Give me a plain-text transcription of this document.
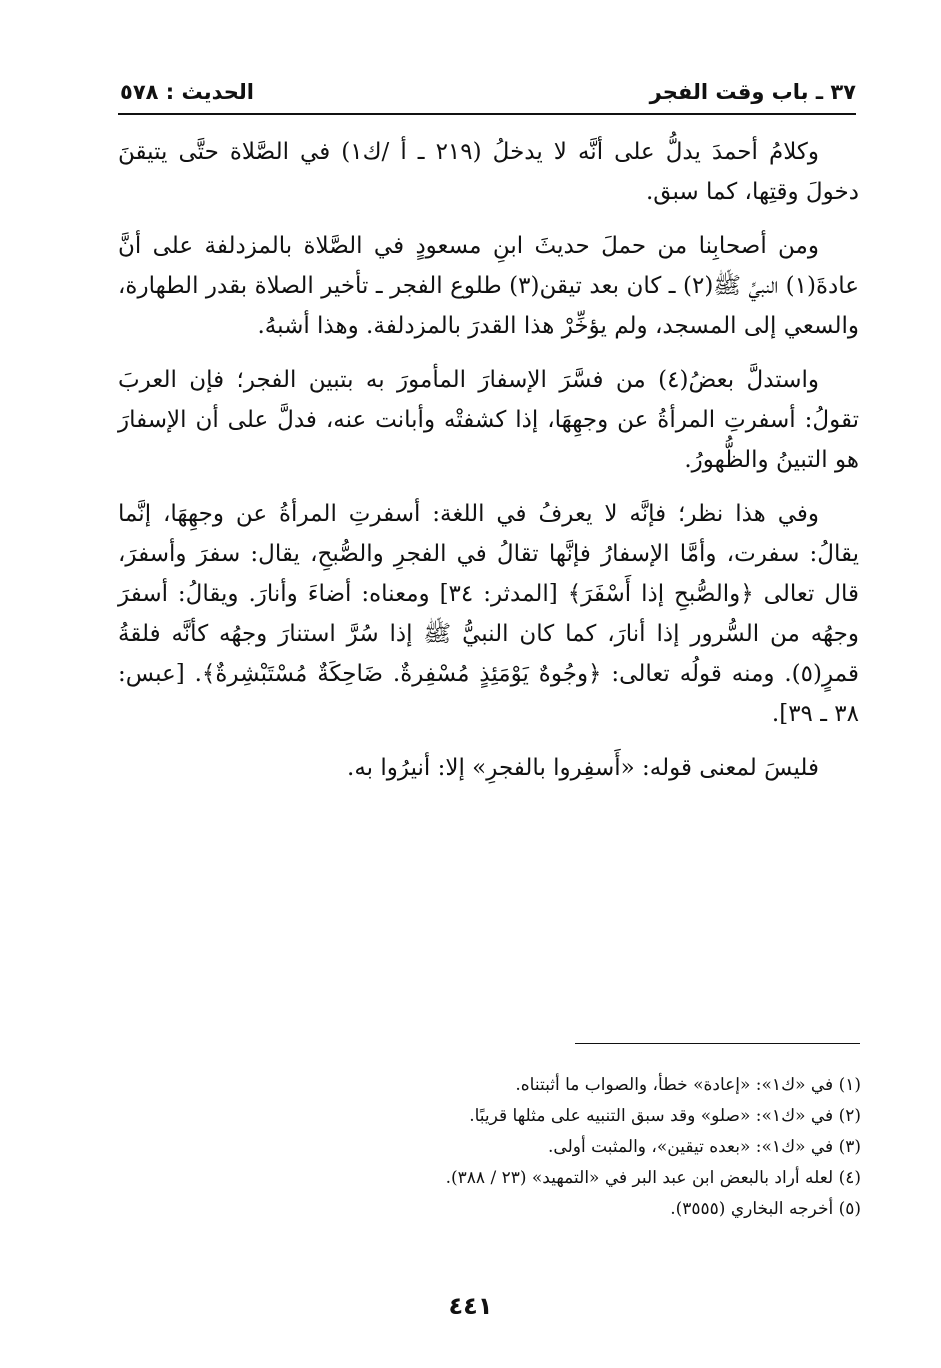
٣٧ ـ باب وقت الفجر
الحديث : ٥٧٨

وكلامُ أحمدَ يدلُّ على أنَّه لا يدخلُ (٢١٩ ـ أ /ك١) في الصَّلاة حتَّى يتيقنَ دخولَ وقتِها، كما سبق.

ومن أصحابِنا من حملَ حديثَ ابنِ مسعودٍ في الصَّلاة بالمزدلفة على أنَّ عادةَ(١) النبيِّ ﷺ(٢) ـ كان بعد تيقن(٣) طلوع الفجر ـ تأخير الصلاة بقدر الطهارة، والسعي إلى المسجد، ولم يؤخِّرْ هذا القدرَ بالمزدلفة. وهذا أشبهُ.

واستدلَّ بعضُ(٤) من فسَّرَ الإسفارَ المأمورَ به بتبين الفجر؛ فإن العربَ تقولُ: أسفرتِ المرأةُ عن وجهِهَا، إذا كشفتْه وأبانت عنه، فدلَّ على أن الإسفارَ هو التبينُ والظُّهورُ.

وفي هذا نظر؛ فإنَّه لا يعرفُ في اللغة: أسفرتِ المرأةُ عن وجهِهَا، إنَّما يقالُ: سفرت، وأمَّا الإسفارُ فإنَّها تقالُ في الفجرِ والصُّبحِ، يقال: سفرَ وأسفرَ، قال تعالى ﴿والصُّبحِ إذا أَسْفَرَ﴾ [المدثر: ٣٤] ومعناه: أضاءَ وأنارَ. ويقالُ: أسفرَ وجهُه من السُّرور إذا أنارَ، كما كان النبيُّ ﷺ إذا سُرَّ استنارَ وجهُه كأنَّه فلقةُ قمرٍ(٥). ومنه قولُه تعالى: ﴿وجُوهٌ يَوْمَئِذٍ مُسْفِرةٌ. ضَاحِكَةٌ مُسْتَبْشِرةٌ﴾. [عبس: ٣٨ ـ ٣٩].

فليسَ لمعنى قوله: «أَسفِروا بالفجرِ» إلا: أنيرُوا به.

(١) في «ك١»: «إعادة» خطأ، والصواب ما أثبتناه.

(٢) في «ك١»: «صلو» وقد سبق التنبيه على مثلها قريبًا.

(٣) في «ك١»: «بعده تيقين»، والمثبت أولى.

(٤) لعله أراد بالبعض ابن عبد البر في «التمهيد» (٢٣ / ٣٨٨).

(٥) أخرجه البخاري (٣٥٥٥).

٤٤١
